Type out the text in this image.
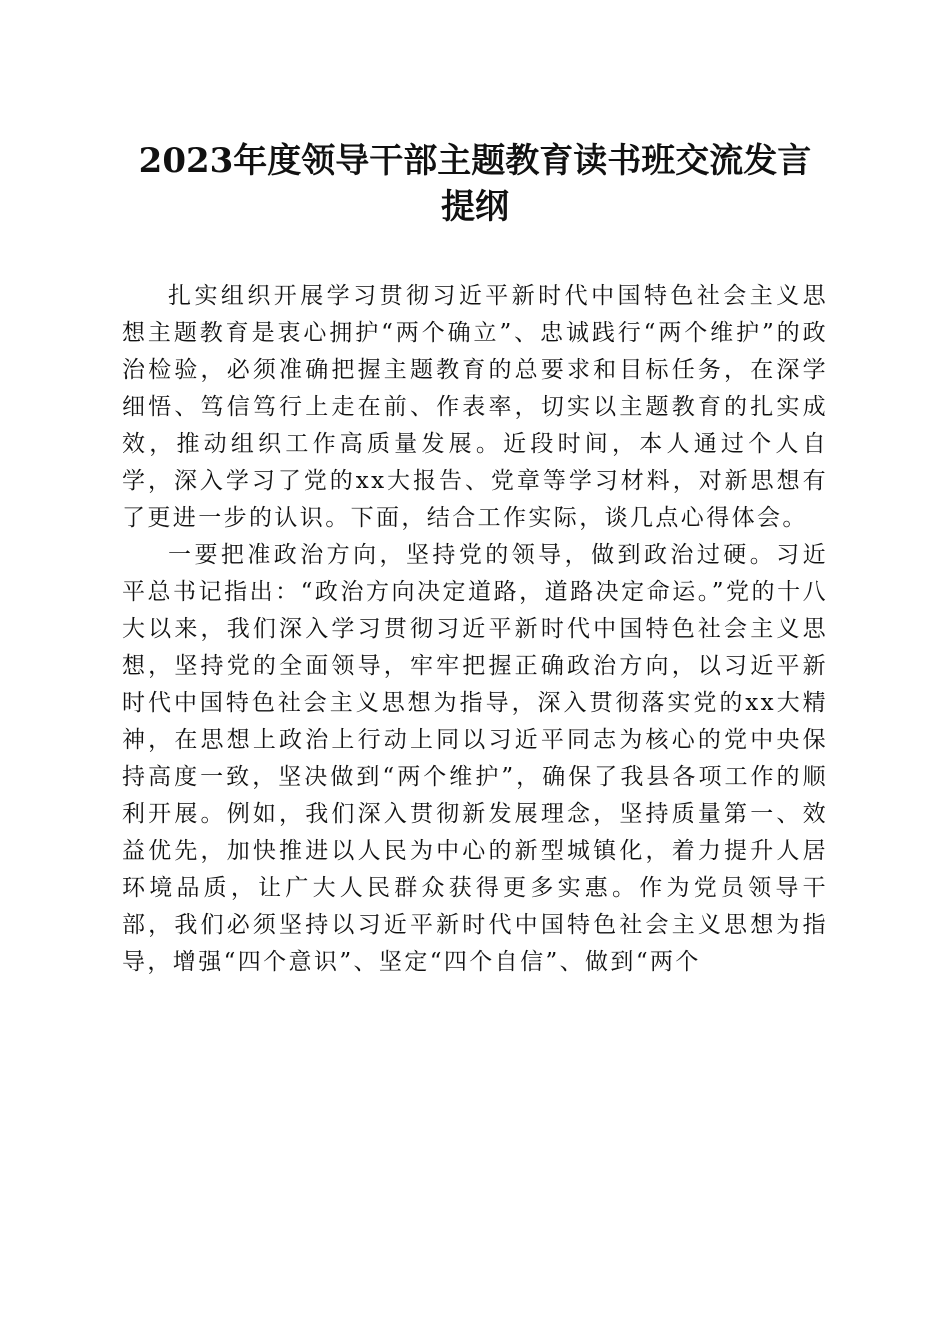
2023年度领导干部主题教育读书班交流发言
提纲

扎实组织开展学习贯彻习近平新时代中国特色社会主义思想主题教育是衷心拥护“两个确立”、忠诚践行“两个维护”的政治检验，必须准确把握主题教育的总要求和目标任务，在深学细悟、笃信笃行上走在前、作表率，切实以主题教育的扎实成效，推动组织工作高质量发展。近段时间，本人通过个人自学，深入学习了党的xx大报告、党章等学习材料，对新思想有了更进一步的认识。下面，结合工作实际，谈几点心得体会。

一要把准政治方向，坚持党的领导，做到政治过硬。习近平总书记指出：“政治方向决定道路，道路决定命运。”党的十八大以来，我们深入学习贯彻习近平新时代中国特色社会主义思想，坚持党的全面领导，牢牢把握正确政治方向，以习近平新时代中国特色社会主义思想为指导，深入贯彻落实党的xx大精神，在思想上政治上行动上同以习近平同志为核心的党中央保持高度一致，坚决做到“两个维护”，确保了我县各项工作的顺利开展。例如，我们深入贯彻新发展理念，坚持质量第一、效益优先，加快推进以人民为中心的新型城镇化，着力提升人居环境品质，让广大人民群众获得更多实惠。作为党员领导干部，我们必须坚持以习近平新时代中国特色社会主义思想为指导，增强“四个意识”、坚定“四个自信”、做到“两个
